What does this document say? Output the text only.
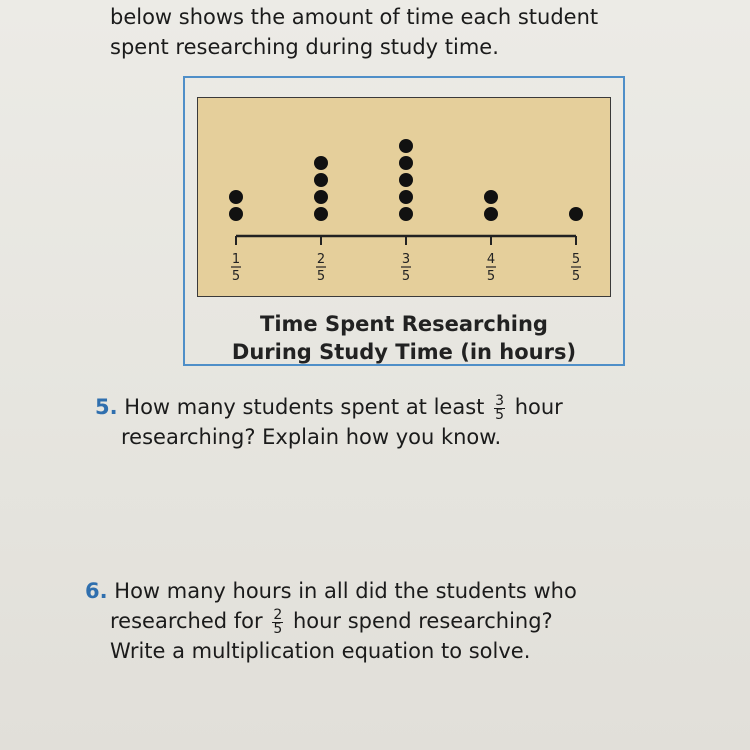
below shows the amount of time each student
spent researching during study time.
1
5
2
5
3
5
4
5
5
5
Time Spent Researching
During Study Time (in hours)
5. How many students spent at least $\frac{3}{5}$ hour
researching? Explain how you know.
6. How many hours in all did the students who
researched for $\frac{2}{5}$ hour spend researching?
Write a multiplication equation to solve.
